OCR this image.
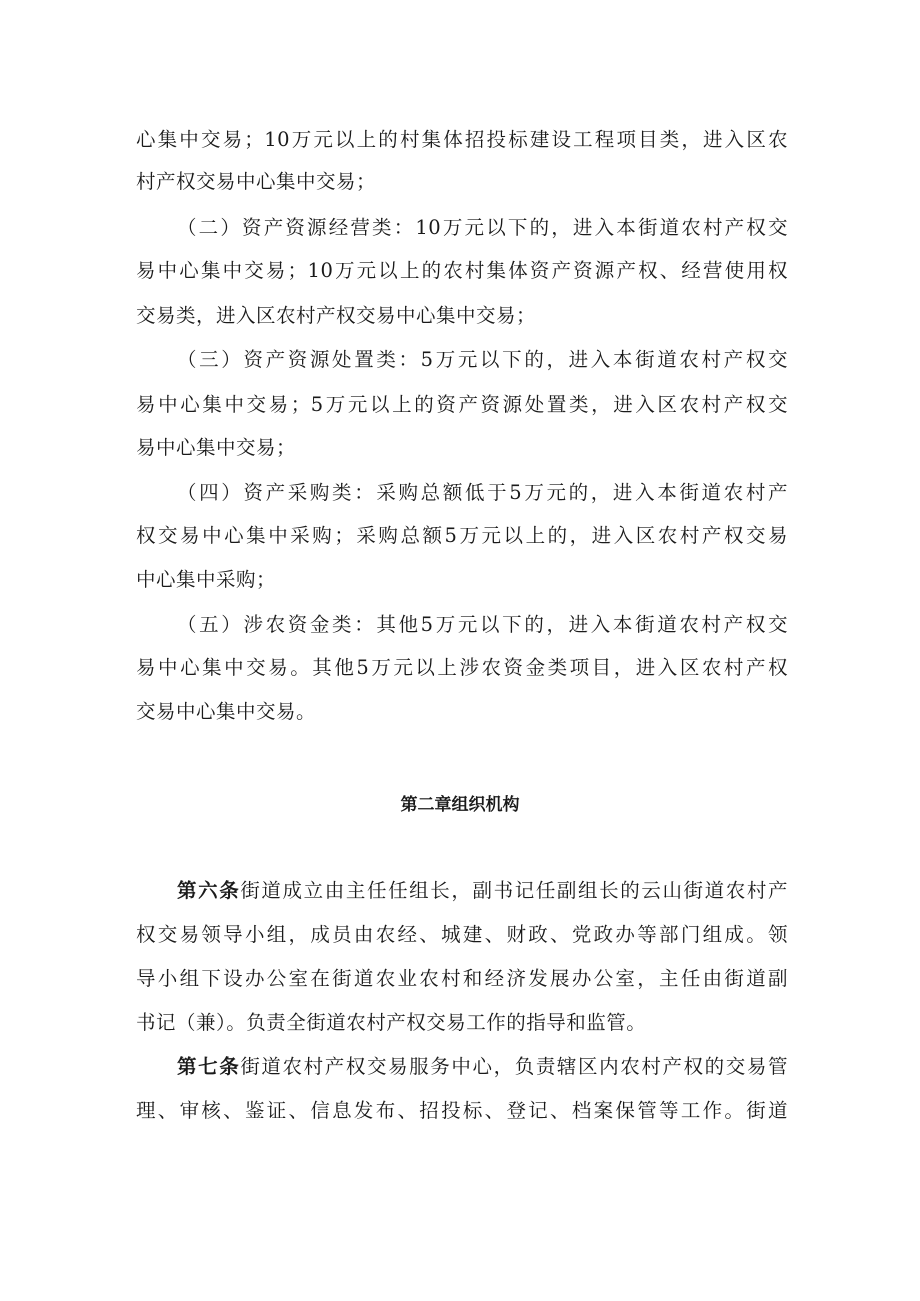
心集中交易；10万元以上的村集体招投标建设工程项目类，进入区农
村产权交易中心集中交易；
（二）资产资源经营类：10万元以下的，进入本街道农村产权交
易中心集中交易；10万元以上的农村集体资产资源产权、经营使用权
交易类，进入区农村产权交易中心集中交易；
（三）资产资源处置类：5万元以下的，进入本街道农村产权交
易中心集中交易；5万元以上的资产资源处置类，进入区农村产权交
易中心集中交易；
（四）资产采购类：采购总额低于5万元的，进入本街道农村产
权交易中心集中采购；采购总额5万元以上的，进入区农村产权交易
中心集中采购；
（五）涉农资金类：其他5万元以下的，进入本街道农村产权交
易中心集中交易。其他5万元以上涉农资金类项目，进入区农村产权
交易中心集中交易。
第二章组织机构
第六条街道成立由主任任组长，副书记任副组长的云山街道农村产
权交易领导小组，成员由农经、城建、财政、党政办等部门组成。领
导小组下设办公室在街道农业农村和经济发展办公室，主任由街道副
书记（兼）。负责全街道农村产权交易工作的指导和监管。
第七条街道农村产权交易服务中心，负责辖区内农村产权的交易管
理、审核、鉴证、信息发布、招投标、登记、档案保管等工作。街道
